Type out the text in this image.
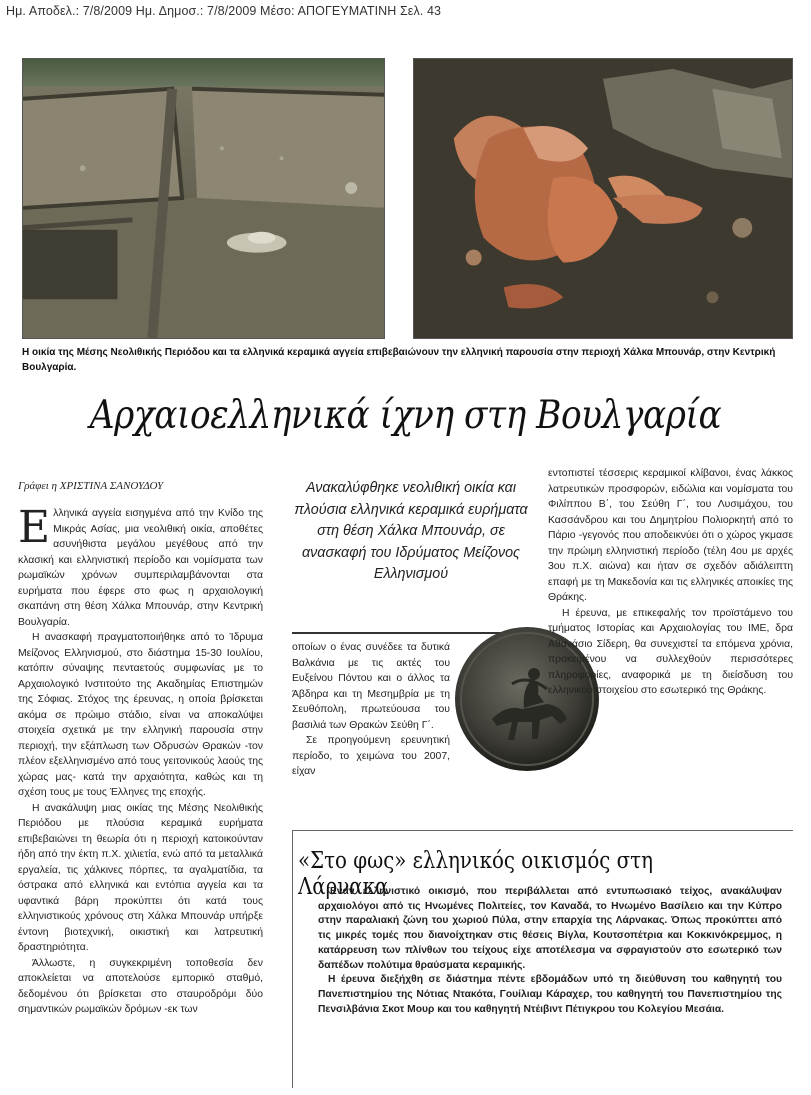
Ημ. Αποδελ.: 7/8/2009 Ημ. Δημοσ.: 7/8/2009 Μέσο: ΑΠΟΓΕΥΜΑΤΙΝΗ Σελ. 43
Η οικία της Μέσης Νεολιθικής Περιόδου και τα ελληνικά κεραμικά αγγεία επιβεβαιώνουν την ελληνική παρουσία στην περιοχή Χάλκα Μπουνάρ, στην Κεντρική Βουλγαρία.
Αρχαιοελληνικά ίχνη στη Βουλγαρία
Γράφει η ΧΡΙΣΤΙΝΑ ΣΑΝΟΥΔΟΥ

Ελληνικά αγγεία εισηγμένα από την Κνίδο της Μικράς Ασίας, μια νεολιθική οικία, αποθέτες ασυνήθιστα μεγάλου μεγέθους από την κλασική και ελληνιστική περίοδο και νομίσματα των ρωμαϊκών χρόνων συμπεριλαμβάνονται στα ευρήματα που έφερε στο φως η αρχαιολογική σκαπάνη στη θέση Χάλκα Μπουνάρ, στην Κεντρική Βουλγαρία.

Η ανασκαφή πραγματοποιήθηκε από το Ίδρυμα Μείζονος Ελληνισμού, στο διάστημα 15-30 Ιουλίου, κατόπιν σύναψης πενταετούς συμφωνίας με το Αρχαιολογικό Ινστιτούτο της Ακαδημίας Επιστημών της Σόφιας. Στόχος της έρευνας, η οποία βρίσκεται ακόμα σε πρώιμο στάδιο, είναι να αποκαλύψει στοιχεία σχετικά με την ελληνική παρουσία στην περιοχή, την εξάπλωση των Οδρυσών Θρακών -τον πλέον εξελληνισμένο από τους γειτονικούς λαούς της χώρας μας- κατά την αρχαιότητα, καθώς και τη σχέση τους με τους Έλληνες της εποχής.

Η ανακάλυψη μιας οικίας της Μέσης Νεολιθικής Περιόδου με πλούσια κεραμικά ευρήματα επιβεβαιώνει τη θεωρία ότι η περιοχή κατοικούνταν ήδη από την έκτη π.Χ. χιλιετία, ενώ από τα μεταλλικά εργαλεία, τις χάλκινες πόρπες, τα αγαλματίδια, τα όστρακα από ελληνικά και εντόπια αγγεία και τα υφαντικά βάρη προκύπτει ότι κατά τους ελληνιστικούς χρόνους στη Χάλκα Μπουνάρ υπήρξε έντονη βιοτεχνική, οικιστική και λατρευτική δραστηριότητα.

Άλλωστε, η συγκεκριμένη τοποθεσία δεν αποκλείεται να αποτελούσε εμπορικό σταθμό, δεδομένου ότι βρίσκεται στο σταυροδρόμι δύο σημαντικών ρωμαϊκών δρόμων -εκ των

Ανακαλύφθηκε νεολιθική οικία και πλούσια ελληνικά κεραμικά ευρήματα στη θέση Χάλκα Μπουνάρ, σε ανασκαφή του Ιδρύματος Μείζονος Ελληνισμού

οποίων ο ένας συνέδεε τα δυτικά Βαλκάνια με τις ακτές του Ευξείνου Πόντου και ο άλλος τα Άβδηρα και τη Μεσημβρία με τη Σευθόπολη, πρωτεύουσα του βασιλιά των Θρακών Σεύθη Γ΄.

Σε προηγούμενη ερευνητική περίοδο, το χειμώνα του 2007, είχαν

εντοπιστεί τέσσερις κεραμικοί κλίβανοι, ένας λάκκος λατρευτικών προσφορών, ειδώλια και νομίσματα του Φιλίππου Β΄, του Σεύθη Γ΄, του Λυσιμάχου, του Κασσάνδρου και του Δημητρίου Πολιορκητή από το Πάριο -γεγονός που αποδεικνύει ότι ο χώρος γκμασε την πρώιμη ελληνιστική περίοδο (τέλη 4ου με αρχές 3ου π.Χ. αιώνα) και ήταν σε σχεδόν αδιάλειπτη επαφή με τη Μακεδονία και τις ελληνικές αποικίες της Θράκης.

Η έρευνα, με επικεφαλής τον προϊστάμενο του τμήματος Ιστορίας και Αρχαιολογίας του ΙΜΕ, δρα Αθανάσιο Σίδερη, θα συνεχιστεί τα επόμενα χρόνια, προκειμένου να συλλεχθούν περισσότερες πληροφορίες, αναφορικά με τη διείσδυση του ελληνικού στοιχείου στο εσωτερικό της Θράκης.

«Στο φως» ελληνικός οικισμός στη Λάρνακα

Έναν ελληνιστικό οικισμό, που περιβάλλεται από εντυπωσιακό τείχος, ανακάλυψαν αρχαιολόγοι από τις Ηνωμένες Πολιτείες, τον Καναδά, το Ηνωμένο Βασίλειο και την Κύπρο στην παραλιακή ζώνη του χωριού Πύλα, στην επαρχία της Λάρνακας. Όπως προκύπτει από τις μικρές τομές που διανοίχτηκαν στις θέσεις Βίγλα, Κουτσοπέτρια και Κοκκινόκρεμμος, η κατάρρευση των πλίνθων του τείχους είχε αποτέλεσμα να σφραγιστούν στο εσωτερικό των δαπέδων πολύτιμα θραύσματα κεραμικής.

Η έρευνα διεξήχθη σε διάστημα πέντε εβδομάδων υπό τη διεύθυνση του καθηγητή του Πανεπιστημίου της Νότιας Ντακότα, Γουίλιαμ Κάραχερ, του καθηγητή του Πανεπιστημίου της Πενσιλβάνια Σκοτ Μουρ και του καθηγητή Ντέιβιντ Πέτιγκρου του Κολεγίου Μεσάια.
